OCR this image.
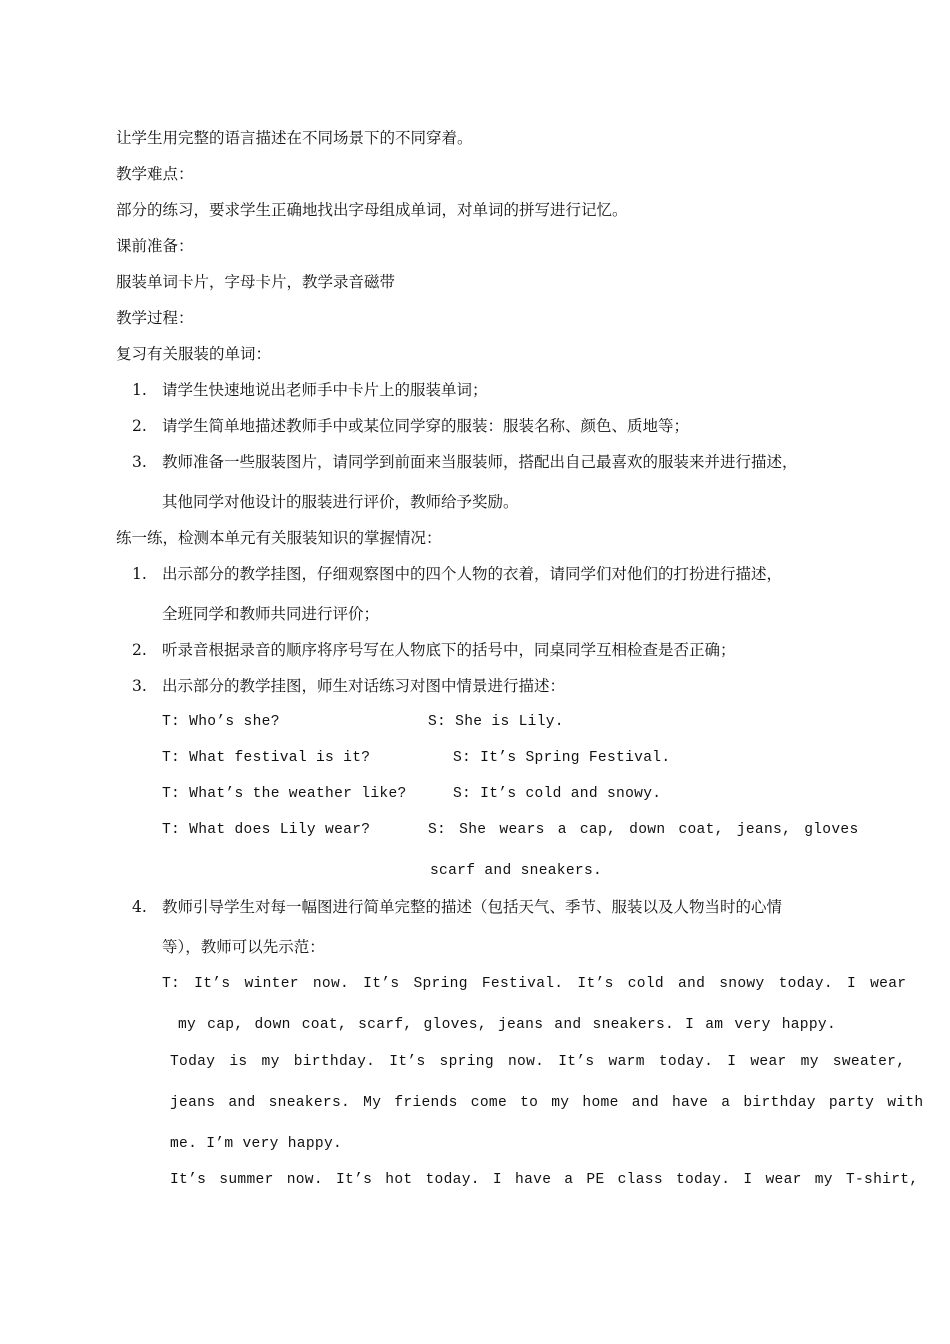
让学生用完整的语言描述在不同场景下的不同穿着。
教学难点：
部分的练习，要求学生正确地找出字母组成单词，对单词的拼写进行记忆。
课前准备：
服装单词卡片，字母卡片，教学录音磁带
教学过程：
复习有关服装的单词：
1. 请学生快速地说出老师手中卡片上的服装单词；
2. 请学生简单地描述教师手中或某位同学穿的服装：服装名称、颜色、质地等；
3. 教师准备一些服装图片，请同学到前面来当服装师，搭配出自己最喜欢的服装来并进行描述，
其他同学对他设计的服装进行评价，教师给予奖励。
练一练，检测本单元有关服装知识的掌握情况：
1. 出示部分的教学挂图，仔细观察图中的四个人物的衣着，请同学们对他们的打扮进行描述，
全班同学和教师共同进行评价；
2. 听录音根据录音的顺序将序号写在人物底下的括号中，同桌同学互相检查是否正确；
3. 出示部分的教学挂图，师生对话练习对图中情景进行描述：
T: Who’s she?	S: She is Lily.
T: What festival is it?	S: It’s Spring Festival.
T: What’s the weather like?	S: It’s cold and snowy.
T: What does Lily wear?	S: She wears a cap, down coat, jeans, gloves
scarf and sneakers.
4. 教师引导学生对每一幅图进行简单完整的描述（包括天气、季节、服装以及人物当时的心情
等），教师可以先示范：
T: It’s winter now. It’s Spring Festival. It’s cold and snowy today. I wear
my cap, down coat, scarf, gloves, jeans and sneakers. I am very happy.
Today is my birthday. It’s spring now. It’s warm today. I wear my sweater,
jeans and sneakers. My friends come to my home and have a birthday party with
me. I’m very happy.
It’s summer now. It’s hot today. I have a PE class today. I wear my T-shirt,
